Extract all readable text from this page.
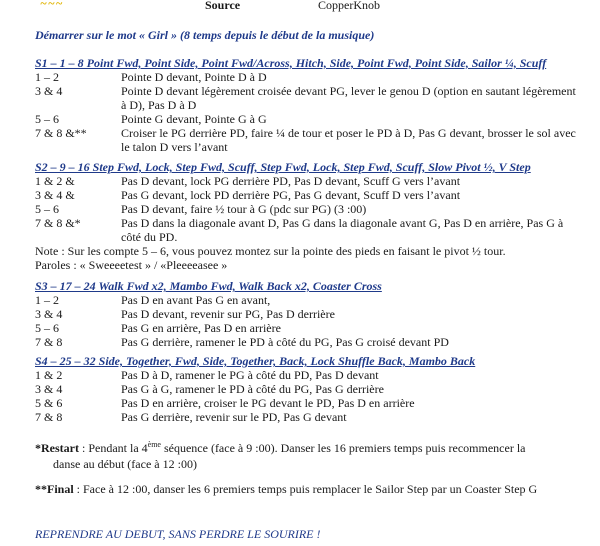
~~~	Source	CopperKnob
Démarrer sur le mot « Girl » (8 temps depuis le début de la musique)
S1 – 1 – 8 Point Fwd, Point Side, Point Fwd/Across, Hitch, Side, Point Fwd, Point Side, Sailor ¼, Scuff
1 – 2	Pointe D devant, Pointe D à D
3 & 4	Pointe D devant légèrement croisée devant PG, lever le genou D (option en sautant légèrement à D), Pas D à D
5 – 6	Pointe G devant, Pointe G à G
7 & 8 &**	Croiser le PG derrière PD, faire ¼ de tour et poser le PD à D, Pas G devant, brosser le sol avec le talon D vers l’avant
S2 – 9 – 16 Step Fwd, Lock, Step Fwd, Scuff, Step Fwd, Lock, Step Fwd, Scuff, Slow Pivot ½, V Step
1 & 2 &	Pas D devant, lock PG derrière PD, Pas D devant, Scuff G vers l’avant
3 & 4 &	Pas G devant, lock PD derrière PG, Pas G devant, Scuff D vers l’avant
5 – 6	Pas D devant, faire ½ tour à G (pdc sur PG) (3 :00)
7 & 8 &*	Pas D dans la diagonale avant D, Pas G dans la diagonale avant G, Pas D en arrière, Pas G à côté du PD.
Note : Sur les compte 5 – 6, vous pouvez montez sur la pointe des pieds en faisant le pivot ½ tour.
Paroles : « Sweeeetest » / «Pleeeeasee »
S3 – 17 – 24 Walk Fwd x2, Mambo Fwd, Walk Back x2, Coaster Cross
1 – 2	Pas D en avant Pas G en avant,
3 & 4	Pas D devant, revenir sur PG, Pas D derrière
5 – 6	Pas G en arrière, Pas D en arrière
7 & 8	Pas G derrière, ramener le PD à côté du PG, Pas G croisé devant PD
S4 – 25 – 32 Side, Together, Fwd, Side, Together, Back, Lock Shuffle Back, Mambo Back
1 & 2	Pas D à D, ramener le PG à côté du PD, Pas D devant
3 & 4	Pas G à G, ramener le PD à côté du PG, Pas G derrière
5 & 6	Pas D en arrière, croiser le PG devant le PD, Pas D en arrière
7 & 8	Pas G derrière, revenir sur le PD, Pas G devant
*Restart : Pendant la 4ème séquence (face à 9 :00). Danser les 16 premiers temps puis recommencer la
danse au début (face à 12 :00)
**Final : Face à 12 :00, danser les 6 premiers temps puis remplacer le Sailor Step par un Coaster Step G
REPRENDRE AU DEBUT, SANS PERDRE LE SOURIRE !
